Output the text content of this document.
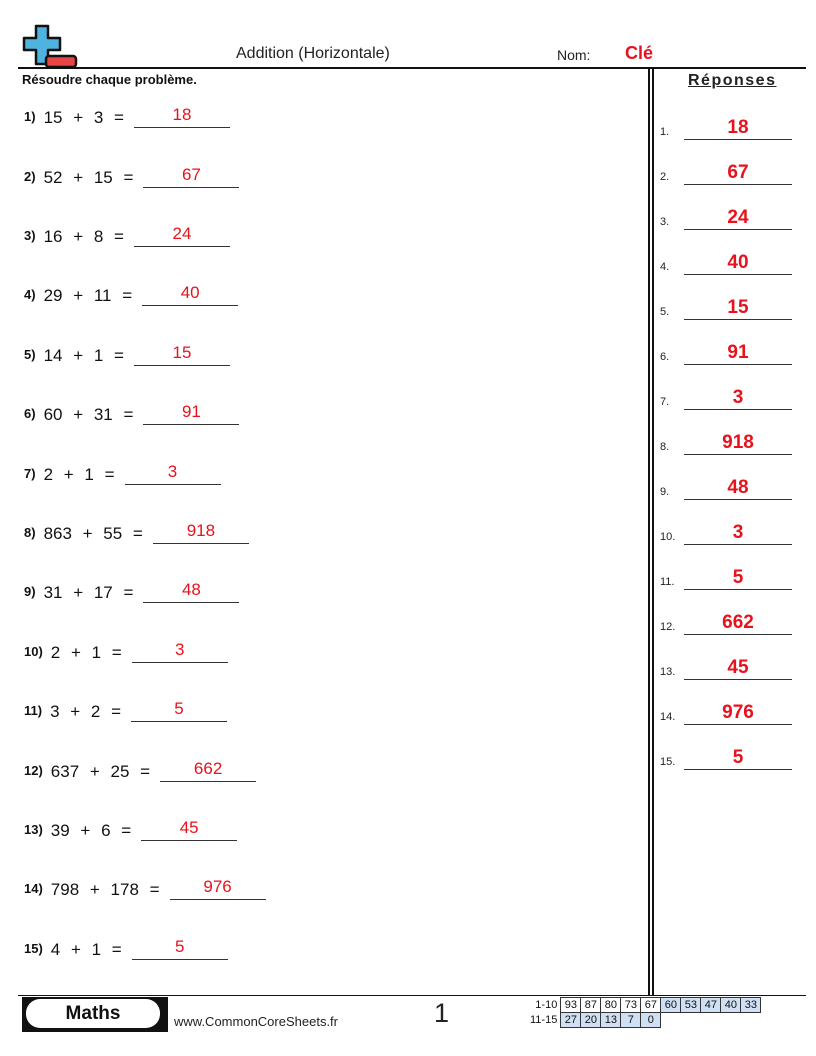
Addition (Horizontale)	Nom: Clé
Résoudre chaque problème.	Réponses
1) 15 + 3 =	18
2) 52 + 15 =	67
3) 16 + 8 =	24
4) 29 + 11 =	40
5) 14 + 1 =	15
6) 60 + 31 =	91
7) 2 + 1 =	3
8) 863 + 55 =	918
9) 31 + 17 =	48
10) 2 + 1 =	3
11) 3 + 2 =	5
12) 637 + 25 =	662
13) 39 + 6 =	45
14) 798 + 178 =	976
15) 4 + 1 =	5
1.	18
2.	67
3.	24
4.	40
5.	15
6.	91
7.	3
8.	918
9.	48
10.	3
11.	5
12.	662
13.	45
14.	976
15.	5
Maths	www.CommonCoreSheets.fr	1	1-10	93	87	80	73	67	60	53	47	40	33
11-15	27	20	13	7	0					
